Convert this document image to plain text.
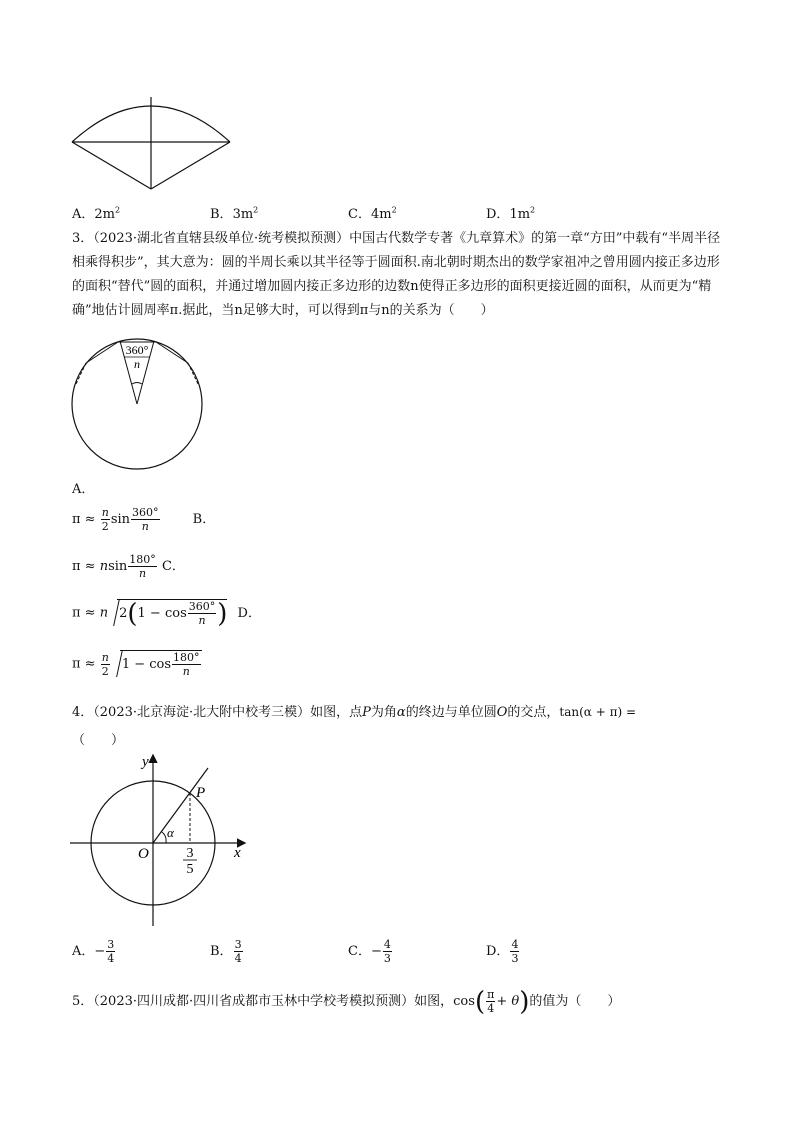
A．$2m^2$	B．$3m^2$	C．$4m^2$	D．$1m^2$
3．（2023·湖北省直辖县级单位·统考模拟预测）中国古代数学专著《九章算术》的第一章“方田”中载有“半周半径相乘得积步”，其大意为：圆的半周长乘以其半径等于圆面积.南北朝时期杰出的数学家祖冲之曾用圆内接正多边形的面积“替代”圆的面积，并通过增加圆内接正多边形的边数n使得正多边形的面积更接近圆的面积，从而更为“精确”地估计圆周率π.据此，当n足够大时，可以得到π与n的关系为（　　）
360°
n
A．
$\pi \approx \frac{n}{2}$ $\sin \frac{360^\circ}{n}$	B．
π ≈ nsin $\frac{180^\circ}{n}$ C．
π ≈ n $2(1 - \cos \frac{360^\circ}{n}$ ) D．
$\pi \approx \frac{n}{2} 1 - \cos \frac{180^\circ}{n}$
4．（2023·北京海淀·北大附中校考三模）如图，点P为角α的终边与单位圆O的交点，tan(α + π) =
（　　）
y
x
O
P
α
3
5
A．− $\frac{3}{4}$	B． $\frac{3}{4}$	C．− $\frac{4}{3}$	D． $\frac{4}{3}$
5．（2023·四川成都·四川省成都市玉林中学校考模拟预测）如图，$\cos( \frac{\pi}{4} + \theta)$的值为（　　）
